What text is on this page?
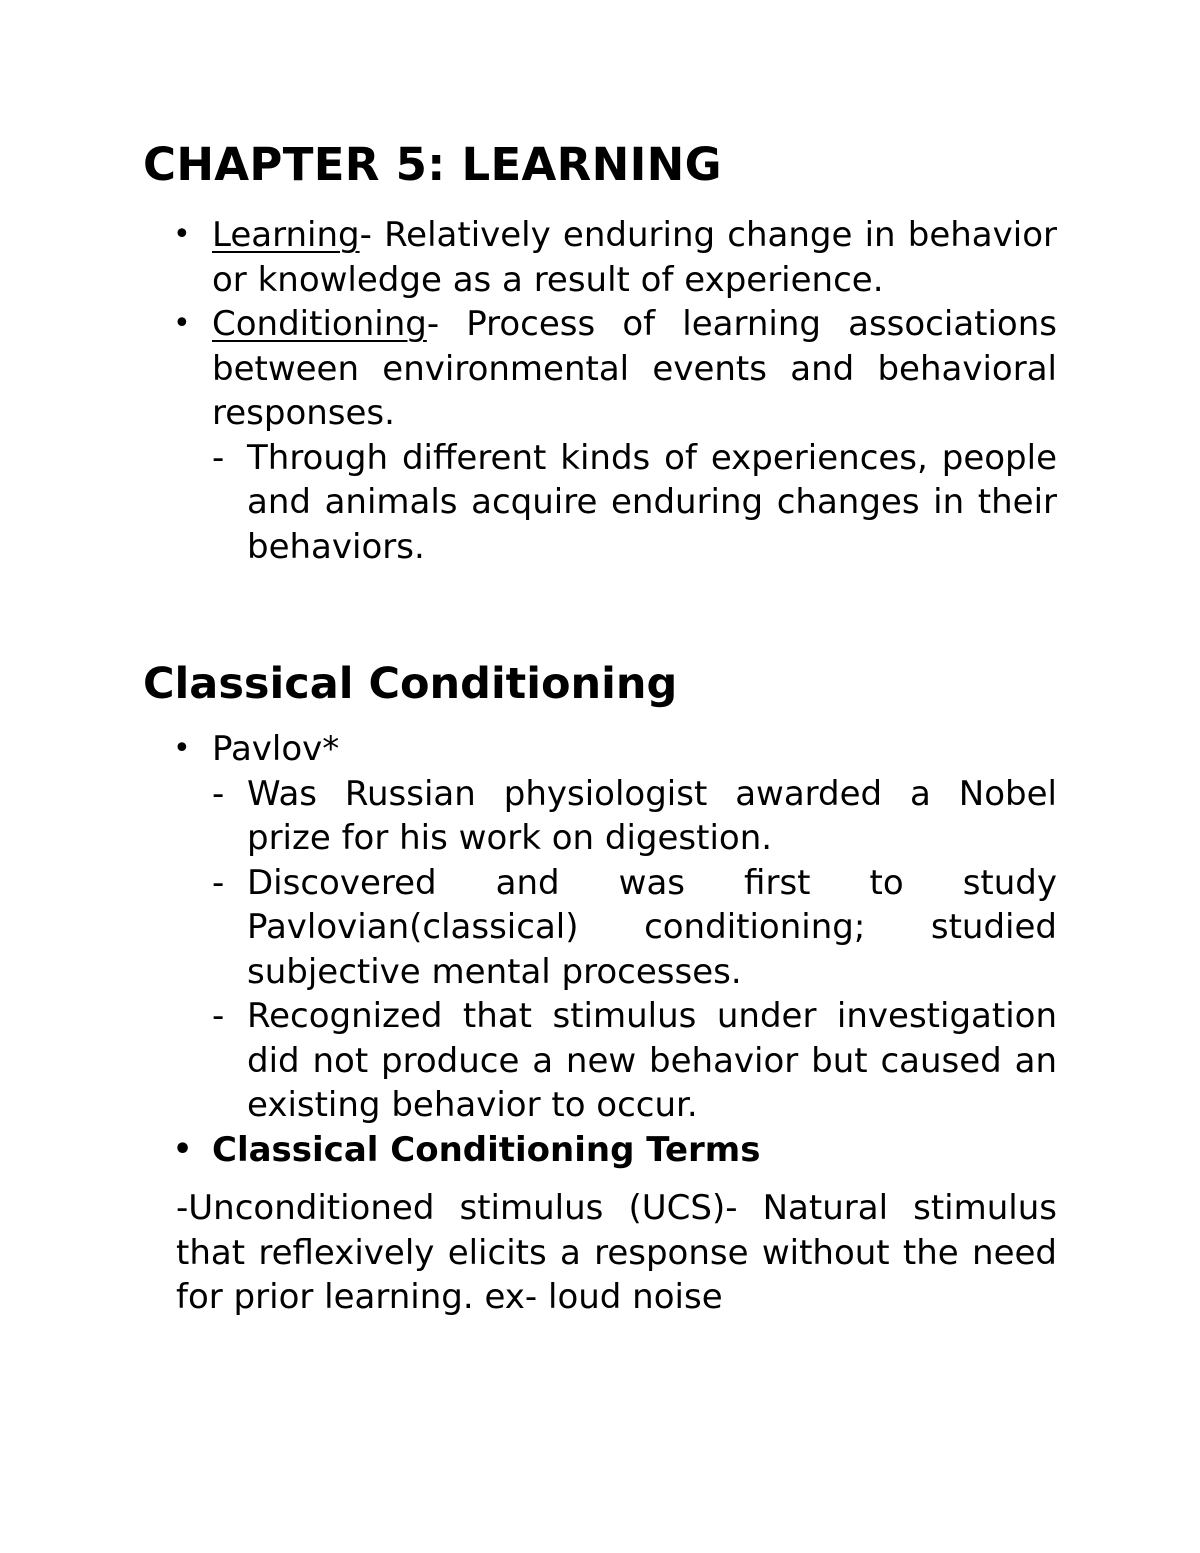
CHAPTER 5: LEARNING
• Learning- Relatively enduring change in behavior or knowledge as a result of experience.
• Conditioning- Process of learning associations between environmental events and behavioral responses.
- Through different kinds of experiences, people and animals acquire enduring changes in their behaviors.
Classical Conditioning
• Pavlov*
- Was Russian physiologist awarded a Nobel prize for his work on digestion.
- Discovered and was first to study Pavlovian(classical) conditioning; studied subjective mental processes.
- Recognized that stimulus under investigation did not produce a new behavior but caused an existing behavior to occur.
• Classical Conditioning Terms

-Unconditioned stimulus (UCS)- Natural stimulus that reflexively elicits a response without the need for prior learning. ex- loud noise
